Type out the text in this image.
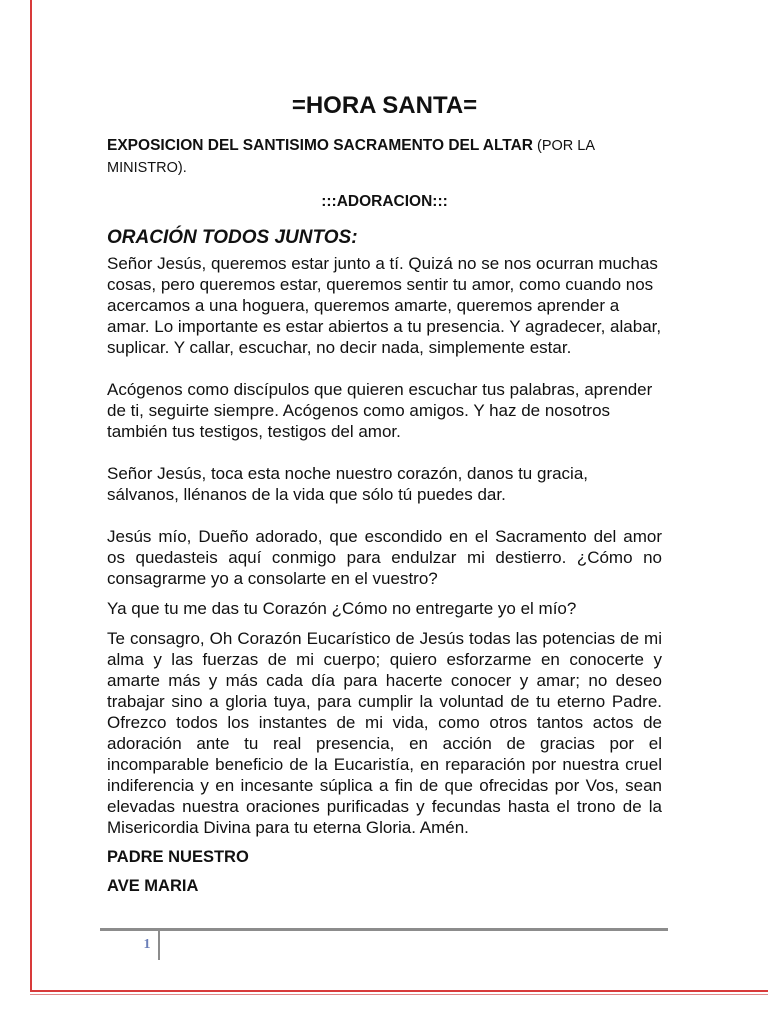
=HORA SANTA=

EXPOSICION DEL SANTISIMO SACRAMENTO DEL ALTAR (POR LA MINISTRO).

:::ADORACION:::

ORACIÓN TODOS JUNTOS:

Señor Jesús, queremos estar junto a tí. Quizá no se nos ocurran muchas cosas, pero queremos estar, queremos sentir tu amor, como cuando nos acercamos a una hoguera, queremos amarte, queremos aprender a amar. Lo importante es estar abiertos a tu presencia. Y agradecer, alabar, suplicar. Y callar, escuchar, no decir nada, simplemente estar.

Acógenos como discípulos que quieren escuchar tus palabras, aprender de ti, seguirte siempre. Acógenos como amigos. Y haz de nosotros también tus testigos, testigos del amor.

Señor Jesús, toca esta noche nuestro corazón, danos tu gracia, sálvanos, llénanos de la vida que sólo tú puedes dar.

Jesús mío, Dueño adorado, que escondido en el Sacramento del amor os quedasteis aquí conmigo para endulzar mi destierro. ¿Cómo no consagrarme yo a consolarte en el vuestro?

Ya que tu me das tu Corazón ¿Cómo no entregarte yo el mío?

Te consagro, Oh Corazón Eucarístico de Jesús todas las potencias de mi alma y las fuerzas de mi cuerpo; quiero esforzarme en conocerte y amarte más y más cada día para hacerte conocer y amar; no deseo trabajar sino a gloria tuya, para cumplir la voluntad de tu eterno Padre. Ofrezco todos los instantes de mi vida, como otros tantos actos de adoración ante tu real presencia, en acción de gracias por el incomparable beneficio de la Eucaristía, en reparación por nuestra cruel indiferencia y en incesante súplica a fin de que ofrecidas por Vos, sean elevadas nuestra oraciones purificadas y fecundas hasta el trono de la Misericordia Divina para tu eterna Gloria. Amén.

PADRE NUESTRO

AVE MARIA

1
